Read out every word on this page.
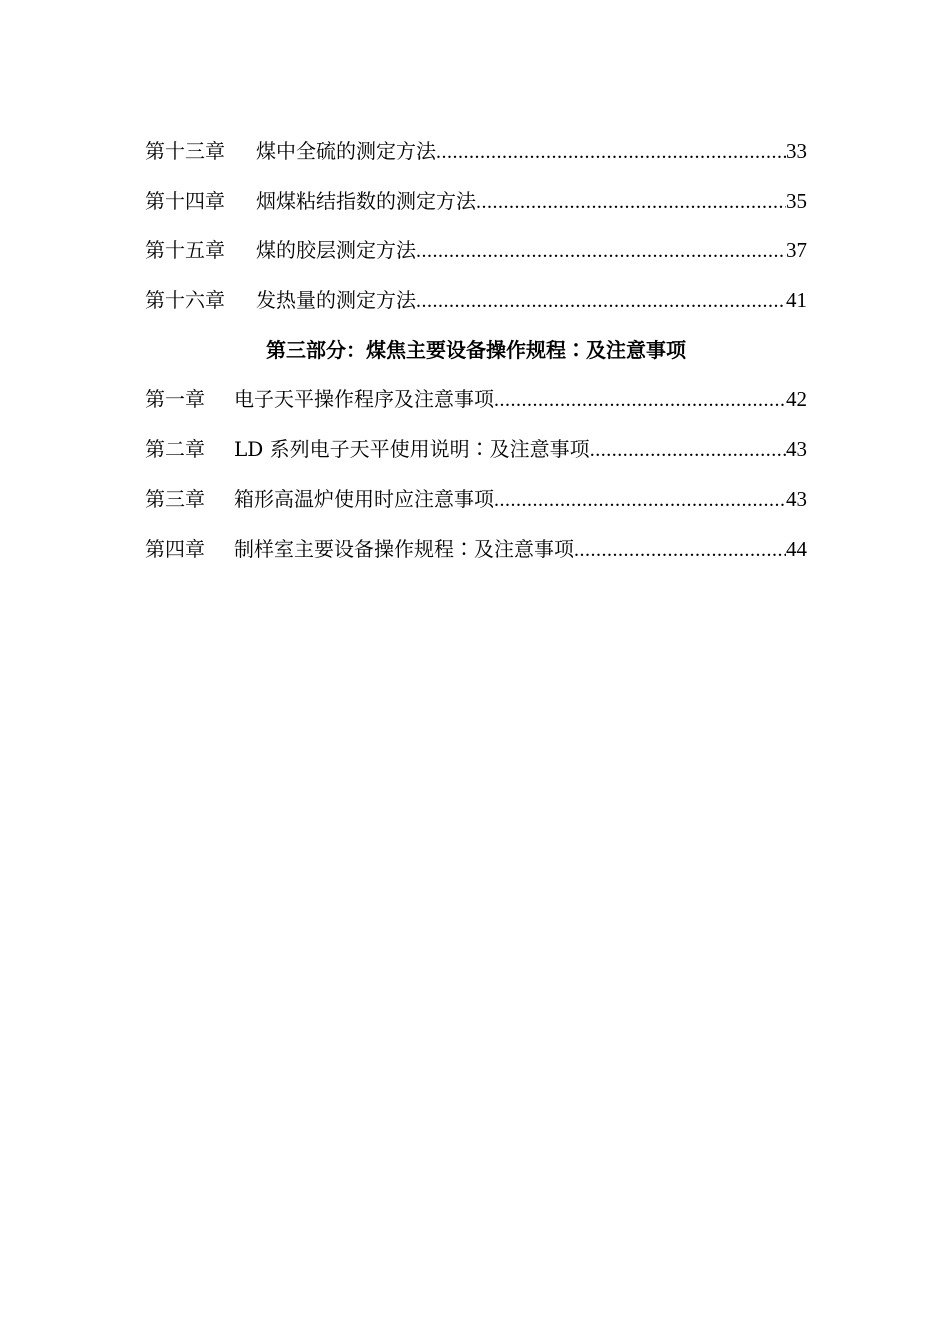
第十三章	煤中全硫的测定方法 .....	33
第十四章	烟煤粘结指数的测定方法 .....	35
第十五章	煤的胶层测定方法 .....	37
第十六章	发热量的测定方法 .....	41
第三部分：煤焦主要设备操作规程∶及注意事项
第一章	电子天平操作程序及注意事项 .....	42
第二章	LD 系列电子天平使用说明∶及注意事项 .....	43
第三章	箱形高温炉使用时应注意事项 .....	43
第四章	制样室主要设备操作规程∶及注意事项 .....	44
